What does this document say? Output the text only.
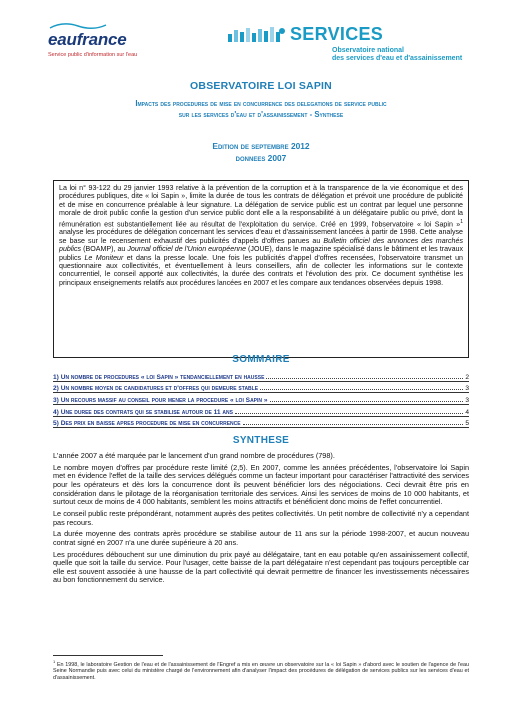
eaufrance
Service public d'information sur l'eau
SERVICES
Observatoire national
des services d'eau et d'assainissement
OBSERVATOIRE LOI SAPIN
Impacts des procedures de mise en concurrence des delegations de service public
sur les services d'eau et d'assainissement - Synthese
Edition de septembre 2012
donnees 2007
La loi n° 93-122 du 29 janvier 1993 relative à la prévention de la corruption et à la transparence de la vie économique et des procédures publiques, dite « loi Sapin », limite la durée de tous les contrats de délégation et prévoit une procédure de publicité et de mise en concurrence préalable à leur signature. La délégation de service public est un contrat par lequel une personne morale de droit public confie la gestion d'un service public dont elle a la responsabilité à un délégataire public ou privé, dont la rémunération est substantiellement liée au résultat de l'exploitation du service. Créé en 1999, l'observatoire « loi Sapin »$^1$ analyse les procédures de délégation concernant les services d'eau et d'assainissement lancées à partir de 1998. Cette analyse se base sur le recensement exhaustif des publicités d'appels d'offres parues au Bulletin officiel des annonces des marchés publics (BOAMP), au Journal officiel de l'Union européenne (JOUE), dans le magazine spécialisé dans le bâtiment et les travaux publics Le Moniteur et dans la presse locale. Une fois les publicités d'appel d'offres recensées, l'observatoire transmet un questionnaire aux collectivités, et éventuellement à leurs conseillers, afin de collecter les informations sur le contexte concurrentiel, le conseil apporté aux collectivités, la durée des contrats et l'évolution des prix. Ce document synthétise les principaux enseignements relatifs aux procédures lancées en 2007 et les compare aux tendances observées depuis 1998.
SOMMAIRE
1) Un nombre de procedures « loi Sapin » tendanciellement en hausse	2
2) Un nombre moyen de candidatures et d'offres qui demeure stable	3
3) Un recours massif au conseil pour mener la procedure « loi Sapin »	3
4) Une duree des contrats qui se stabilise autour de 11 ans	4
5) Des prix en baisse apres procedure de mise en concurrence	5
SYNTHESE

L'année 2007 a été marquée par le lancement d'un grand nombre de procédures (798).

Le nombre moyen d'offres par procédure reste limité (2,5). En 2007, comme les années précédentes, l'observatoire loi Sapin met en évidence l'effet de la taille des services délégués comme un facteur important pour caractériser l'attractivité des services pour les opérateurs et dès lors la concurrence dont ils peuvent bénéficier lors des négociations. Ceci devrait être pris en considération dans le pilotage de la réorganisation territoriale des services. Ainsi les services de moins de 10 000 habitants, et surtout ceux de moins de 4 000 habitants, semblent les moins attractifs et bénéficient donc moins de l'effet concurrentiel.

Le conseil public reste prépondérant, notamment auprès des petites collectivités. Un petit nombre de collectivité n'y a cependant pas recours.

La durée moyenne des contrats après procédure se stabilise autour de 11 ans sur la période 1998-2007, et aucun nouveau contrat signé en 2007 n'a une durée supérieure à 20 ans.

Les procédures débouchent sur une diminution du prix payé au délégataire, tant en eau potable qu'en assainissement collectif, quelle que soit la taille du service. Pour l'usager, cette baisse de la part délégataire n'est cependant pas toujours perceptible car elle est souvent associée à une hausse de la part collectivité qui devrait permettre de financer les investissements nécessaires au bon fonctionnement du service.

$^1$ En 1998, le laboratoire Gestion de l'eau et de l'assainissement de l'Engref a mis en œuvre un observatoire sur la « loi Sapin » d'abord avec le soutien de l'agence de l'eau Seine Normandie puis avec celui du ministère chargé de l'environnement afin d'analyser l'impact des procédures de délégation de services publics sur les services d'eau et d'assainissement.
